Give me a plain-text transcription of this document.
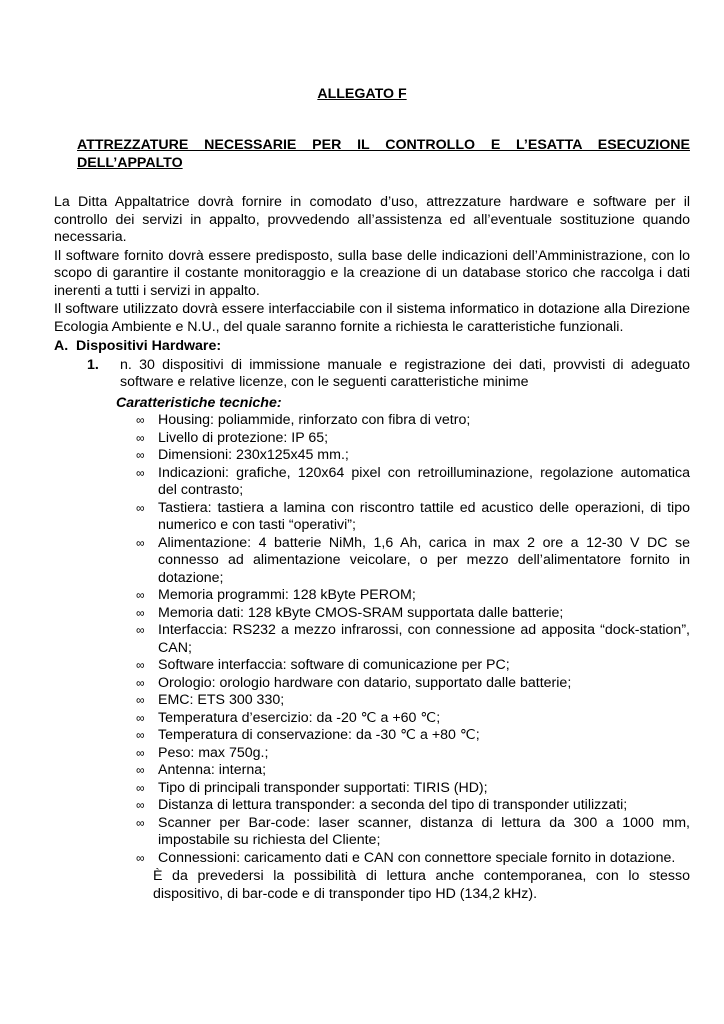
ALLEGATO F
ATTREZZATURE NECESSARIE PER IL CONTROLLO E L’ESATTA ESECUZIONE DELL’APPALTO

La Ditta Appaltatrice dovrà fornire in comodato d’uso, attrezzature hardware e software per il controllo dei servizi in appalto, provvedendo all’assistenza ed all’eventuale sostituzione quando necessaria.

Il software fornito dovrà essere predisposto, sulla base delle indicazioni dell’Amministrazione, con lo scopo di garantire il costante monitoraggio e la creazione di un database storico che raccolga i dati inerenti a tutti i servizi in appalto.

Il software utilizzato dovrà essere interfacciabile con il sistema informatico in dotazione alla Direzione Ecologia Ambiente e N.U., del quale saranno fornite a richiesta le caratteristiche funzionali.

A. Dispositivi Hardware:
1. n. 30 dispositivi di immissione manuale e registrazione dei dati, provvisti di adeguato software e relative licenze, con le seguenti caratteristiche minime
Caratteristiche tecniche:
∞ Housing: poliammide, rinforzato con fibra di vetro;
∞ Livello di protezione: IP 65;
∞ Dimensioni: 230x125x45 mm.;
∞ Indicazioni: grafiche, 120x64 pixel con retroilluminazione, regolazione automatica del contrasto;
∞ Tastiera: tastiera a lamina con riscontro tattile ed acustico delle operazioni, di tipo numerico e con tasti “operativi”;
∞ Alimentazione: 4 batterie NiMh, 1,6 Ah, carica in max 2 ore a 12-30 V DC se connesso ad alimentazione veicolare, o per mezzo dell’alimentatore fornito in dotazione;
∞ Memoria programmi: 128 kByte PEROM;
∞ Memoria dati: 128 kByte CMOS-SRAM supportata dalle batterie;
∞ Interfaccia: RS232 a mezzo infrarossi, con connessione ad apposita “dock-station”, CAN;
∞ Software interfaccia: software di comunicazione per PC;
∞ Orologio: orologio hardware con datario, supportato dalle batterie;
∞ EMC: ETS 300 330;
∞ Temperatura d’esercizio: da -20 ℃ a +60 ℃;
∞ Temperatura di conservazione: da -30 ℃ a +80 ℃;
∞ Peso: max 750g.;
∞ Antenna: interna;
∞ Tipo di principali transponder supportati: TIRIS (HD);
∞ Distanza di lettura transponder: a seconda del tipo di transponder utilizzati;
∞ Scanner per Bar-code: laser scanner, distanza di lettura da 300 a 1000 mm, impostabile su richiesta del Cliente;
∞ Connessioni: caricamento dati e CAN con connettore speciale fornito in dotazione.

È da prevedersi la possibilità di lettura anche contemporanea, con lo stesso dispositivo, di bar-code e di transponder tipo HD (134,2 kHz).
